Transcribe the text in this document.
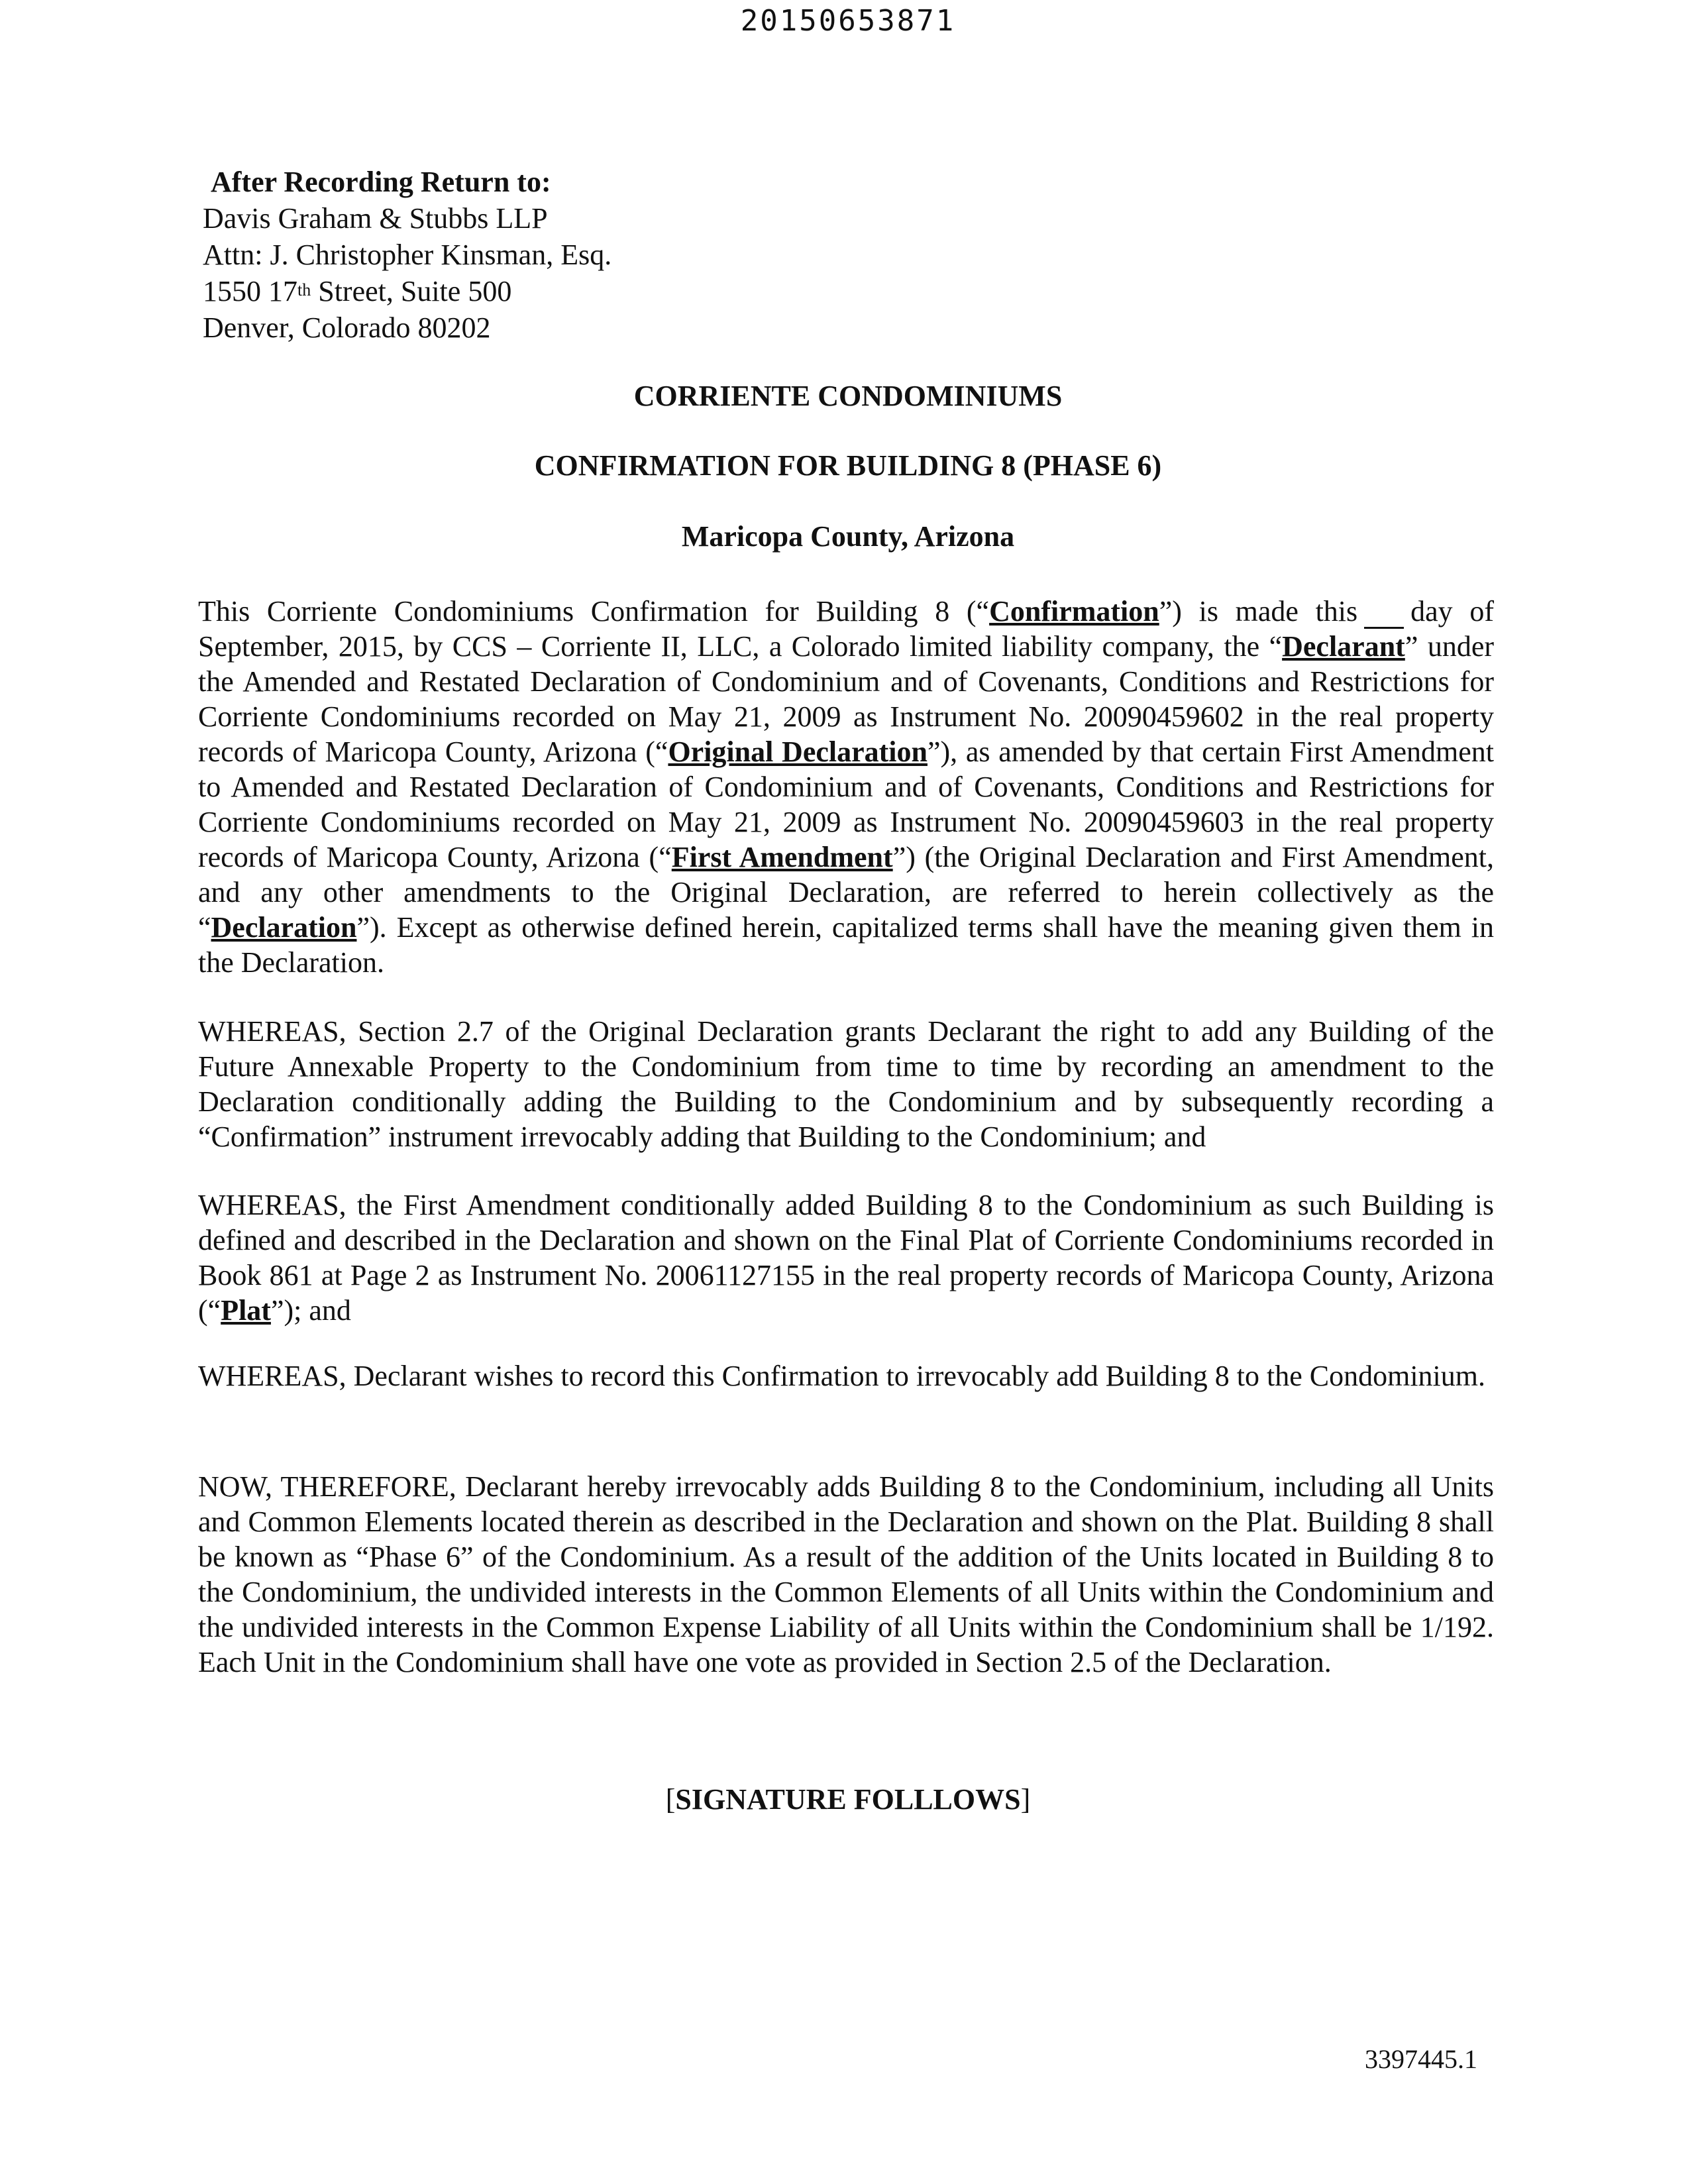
20150653871
After Recording Return to:
Davis Graham & Stubbs LLP
Attn: J. Christopher Kinsman, Esq.
1550 17th Street, Suite 500
Denver, Colorado 80202
CORRIENTE CONDOMINIUMS
CONFIRMATION FOR BUILDING 8 (PHASE 6)
Maricopa County, Arizona
This Corriente Condominiums Confirmation for Building 8 (“Confirmation”) is made this day of September, 2015, by CCS – Corriente II, LLC, a Colorado limited liability company, the “Declarant” under the Amended and Restated Declaration of Condominium and of Covenants, Conditions and Restrictions for Corriente Condominiums recorded on May 21, 2009 as Instrument No. 20090459602 in the real property records of Maricopa County, Arizona (“Original Declaration”), as amended by that certain First Amendment to Amended and Restated Declaration of Condominium and of Covenants, Conditions and Restrictions for Corriente Condominiums recorded on May 21, 2009 as Instrument No. 20090459603 in the real property records of Maricopa County, Arizona (“First Amendment”) (the Original Declaration and First Amendment, and any other amendments to the Original Declaration, are referred to herein collectively as the “Declaration”). Except as otherwise defined herein, capitalized terms shall have the meaning given them in the Declaration.
WHEREAS, Section 2.7 of the Original Declaration grants Declarant the right to add any Building of the Future Annexable Property to the Condominium from time to time by recording an amendment to the Declaration conditionally adding the Building to the Condominium and by subsequently recording a “Confirmation” instrument irrevocably adding that Building to the Condominium; and
WHEREAS, the First Amendment conditionally added Building 8 to the Condominium as such Building is defined and described in the Declaration and shown on the Final Plat of Corriente Condominiums recorded in Book 861 at Page 2 as Instrument No. 20061127155 in the real property records of Maricopa County, Arizona (“Plat”); and
WHEREAS, Declarant wishes to record this Confirmation to irrevocably add Building 8 to the Condominium.
NOW, THEREFORE, Declarant hereby irrevocably adds Building 8 to the Condominium, including all Units and Common Elements located therein as described in the Declaration and shown on the Plat. Building 8 shall be known as “Phase 6” of the Condominium. As a result of the addition of the Units located in Building 8 to the Condominium, the undivided interests in the Common Elements of all Units within the Condominium and the undivided interests in the Common Expense Liability of all Units within the Condominium shall be 1/192. Each Unit in the Condominium shall have one vote as provided in Section 2.5 of the Declaration.
[SIGNATURE FOLLLOWS]
3397445.1
